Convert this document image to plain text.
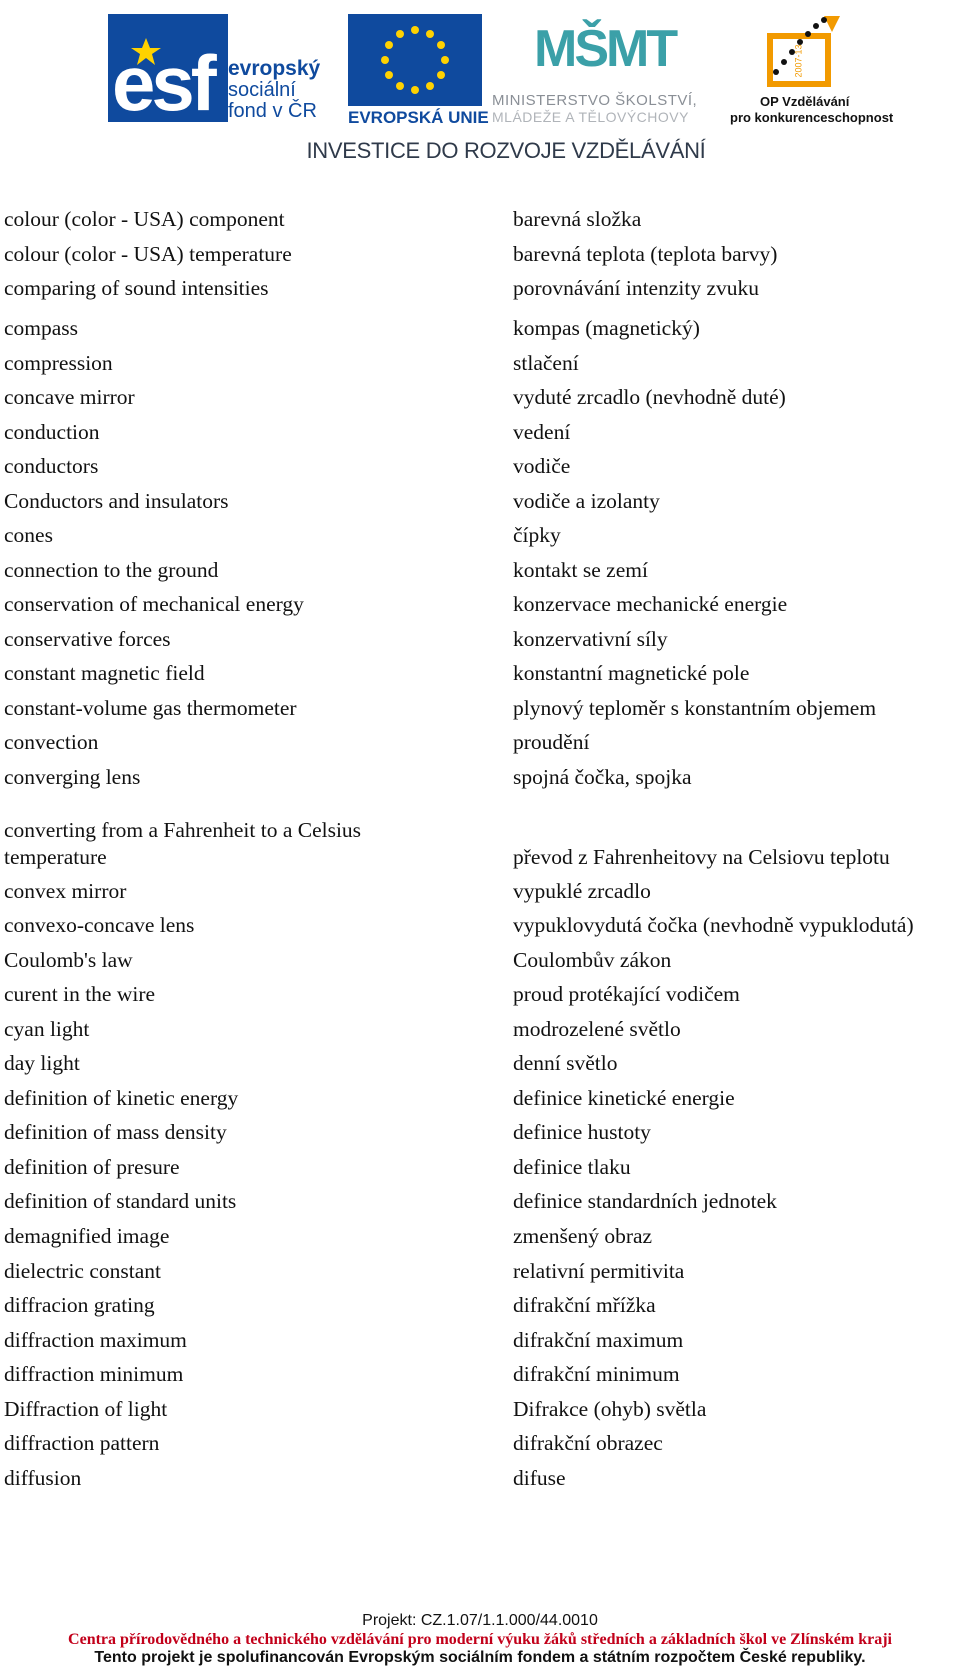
esf evropský
sociální
fond v ČR EVROPSKÁ UNIE
MŠMT
MINISTERSTVO ŠKOLSTVÍ,
MLÁDEŽE A TĚLOVÝCHOVY
2007-13
OP Vzdělávání
pro konkurenceschopnost
INVESTICE DO ROZVOJE VZDĚLÁVÁNÍ
colour (color - USA) component	barevná složka
colour (color - USA) temperature	barevná teplota (teplota barvy)
comparing of sound intensities	porovnávání intenzity zvuku
compass	kompas (magnetický)
compression	stlačení
concave mirror	vyduté zrcadlo (nevhodně duté)
conduction	vedení
conductors	vodiče
Conductors and insulators	vodiče a izolanty
cones	čípky
connection to the ground	kontakt se zemí
conservation of mechanical energy	konzervace mechanické energie
conservative forces	konzervativní síly
constant magnetic field	konstantní magnetické pole
constant-volume gas thermometer	plynový teploměr s konstantním objemem
convection	proudění
converging lens	spojná čočka, spojka
converting from a Fahrenheit to a Celsius temperature	převod z Fahrenheitovy na Celsiovu teplotu
convex mirror	vypuklé zrcadlo
convexo-concave lens	vypuklovydutá čočka (nevhodně vypuklodutá)
Coulomb's law	Coulombův zákon
curent in the wire	proud protékající vodičem
cyan light	modrozelené světlo
day light	denní světlo
definition of kinetic energy	definice kinetické energie
definition of mass density	definice hustoty
definition of presure	definice tlaku
definition of standard units	definice standardních jednotek
demagnified image	zmenšený obraz
dielectric constant	relativní permitivita
diffracion grating	difrakční mřížka
diffraction maximum	difrakční maximum
diffraction minimum	difrakční minimum
Diffraction of light	Difrakce (ohyb) světla
diffraction pattern	difrakční obrazec
diffusion	difuse
Projekt: CZ.1.07/1.1.000/44.0010
Centra přírodovědného a technického vzdělávání pro moderní výuku žáků středních a základních škol ve Zlínském kraji
Tento projekt je spolufinancován Evropským sociálním fondem a státním rozpočtem České republiky.
